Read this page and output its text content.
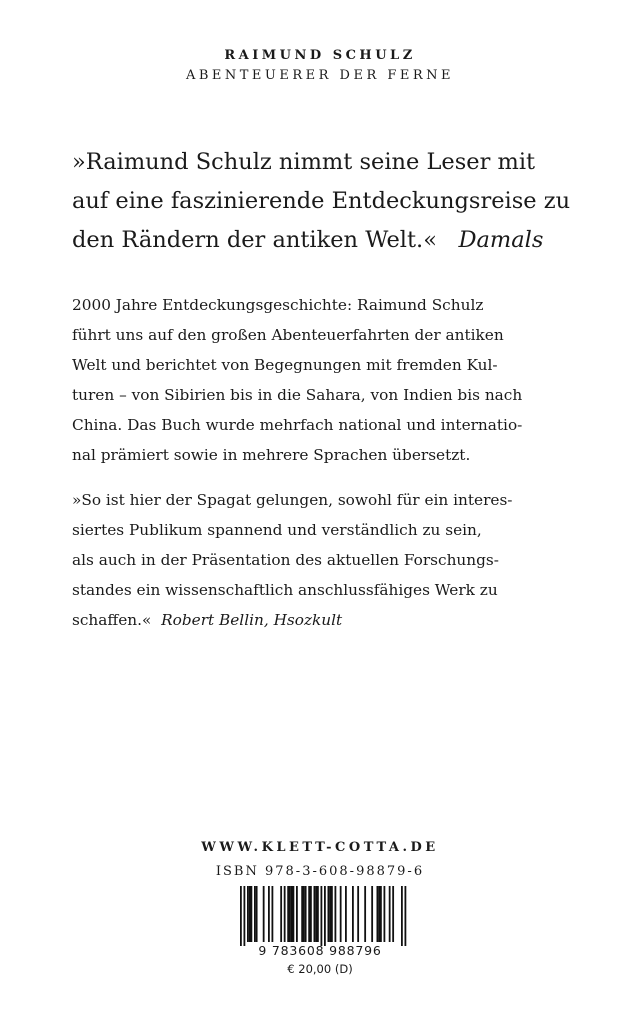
RAIMUND SCHULZ
ABENTEUERER DER FERNE

»Raimund Schulz nimmt seine Leser mit
auf eine faszinierende Entdeckungsreise zu
den Rändern der antiken Welt.« Damals

2000 Jahre Entdeckungsgeschichte: Raimund Schulz
führt uns auf den großen Abenteuerfahrten der antiken
Welt und berichtet von Begegnungen mit fremden Kul-
turen – von Sibirien bis in die Sahara, von Indien bis nach
China. Das Buch wurde mehrfach national und internatio-
nal prämiert sowie in mehrere Sprachen übersetzt.

»So ist hier der Spagat gelungen, sowohl für ein interes-
siertes Publikum spannend und verständlich zu sein,
als auch in der Präsentation des aktuellen Forschungs-
standes ein wissenschaftlich anschlussfähiges Werk zu
schaffen.« Robert Bellin, Hsozkult

WWW.KLETT-COTTA.DE
ISBN 978-3-608-98879-6
9 783608 988796
€ 20,00 (D)
